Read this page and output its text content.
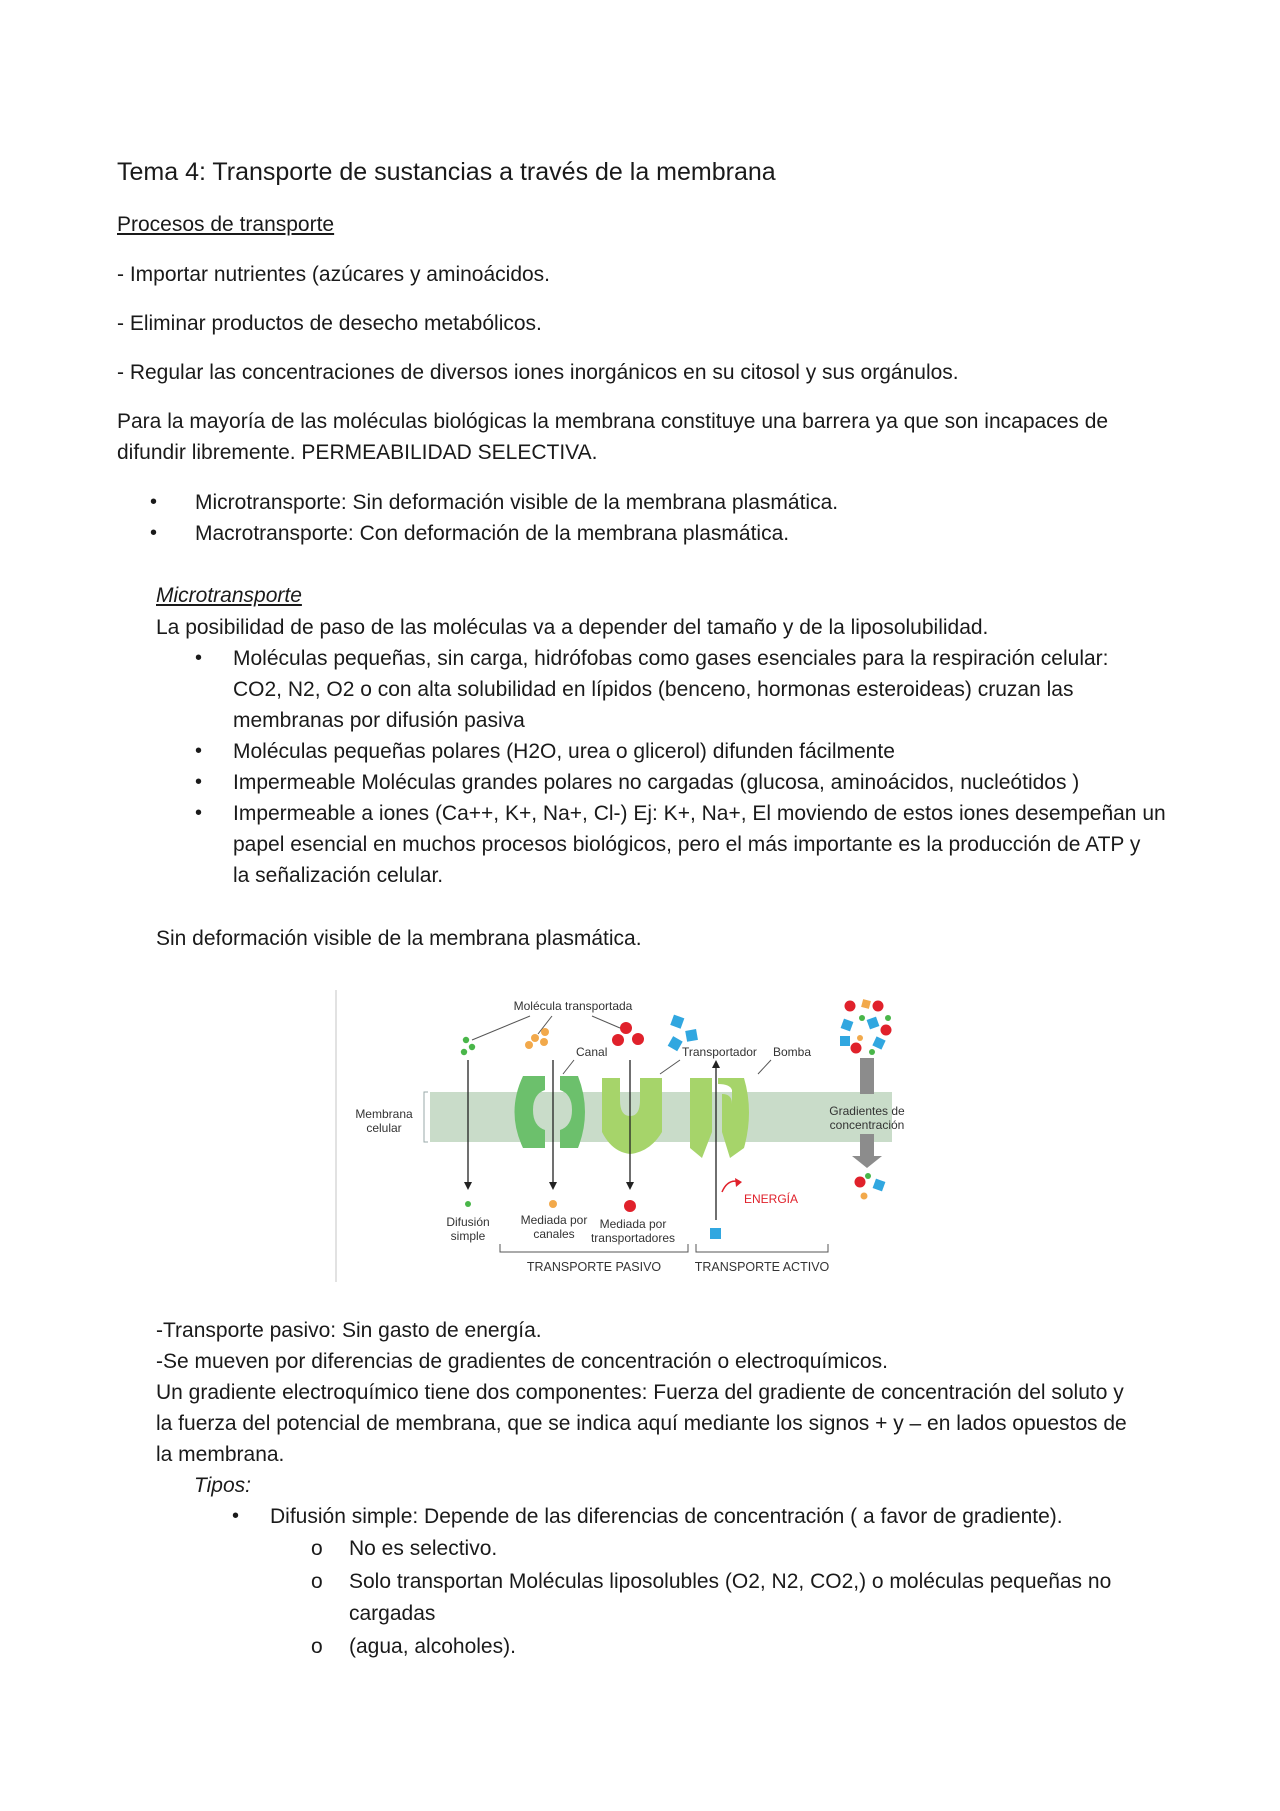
Tema 4: Transporte de sustancias a través de la membrana
Procesos de transporte
- Importar nutrientes (azúcares y aminoácidos.
- Eliminar productos de desecho metabólicos.
- Regular las concentraciones de diversos iones inorgánicos en su citosol y sus orgánulos.
Para la mayoría de las moléculas biológicas la membrana constituye una barrera ya que son incapaces de
difundir libremente. PERMEABILIDAD SELECTIVA.
• Microtransporte: Sin deformación visible de la membrana plasmática.
• Macrotransporte: Con deformación de la membrana plasmática.
Microtransporte
La posibilidad de paso de las moléculas va a depender del tamaño y de la liposolubilidad.
• Moléculas pequeñas, sin carga, hidrófobas como gases esenciales para la respiración celular:
CO2, N2, O2 o con alta solubilidad en lípidos (benceno, hormonas esteroideas) cruzan las
membranas por difusión pasiva
• Moléculas pequeñas polares (H2O, urea o glicerol) difunden fácilmente
• Impermeable Moléculas grandes polares no cargadas (glucosa, aminoácidos, nucleótidos )
• Impermeable a iones (Ca++, K+, Na+, Cl-) Ej: K+, Na+, El moviendo de estos iones desempeñan un
papel esencial en muchos procesos biológicos, pero el más importante es la producción de ATP y
la señalización celular.
Sin deformación visible de la membrana plasmática.
Membrana
celular
Molécula transportada
Canal	Transportador Bomba
ENERGÍA
Gradientes de
concentración
Difusión
simple
Mediada por
canales
Mediada por
transportadores
TRANSPORTE PASIVO	TRANSPORTE ACTIVO
-Transporte pasivo: Sin gasto de energía.
-Se mueven por diferencias de gradientes de concentración o electroquímicos.
Un gradiente electroquímico tiene dos componentes: Fuerza del gradiente de concentración del soluto y
la fuerza del potencial de membrana, que se indica aquí mediante los signos + y – en lados opuestos de
la membrana.
Tipos:
• Difusión simple: Depende de las diferencias de concentración ( a favor de gradiente).
o No es selectivo.
o Solo transportan Moléculas liposolubles (O2, N2, CO2,) o moléculas pequeñas no
cargadas
o (agua, alcoholes).
